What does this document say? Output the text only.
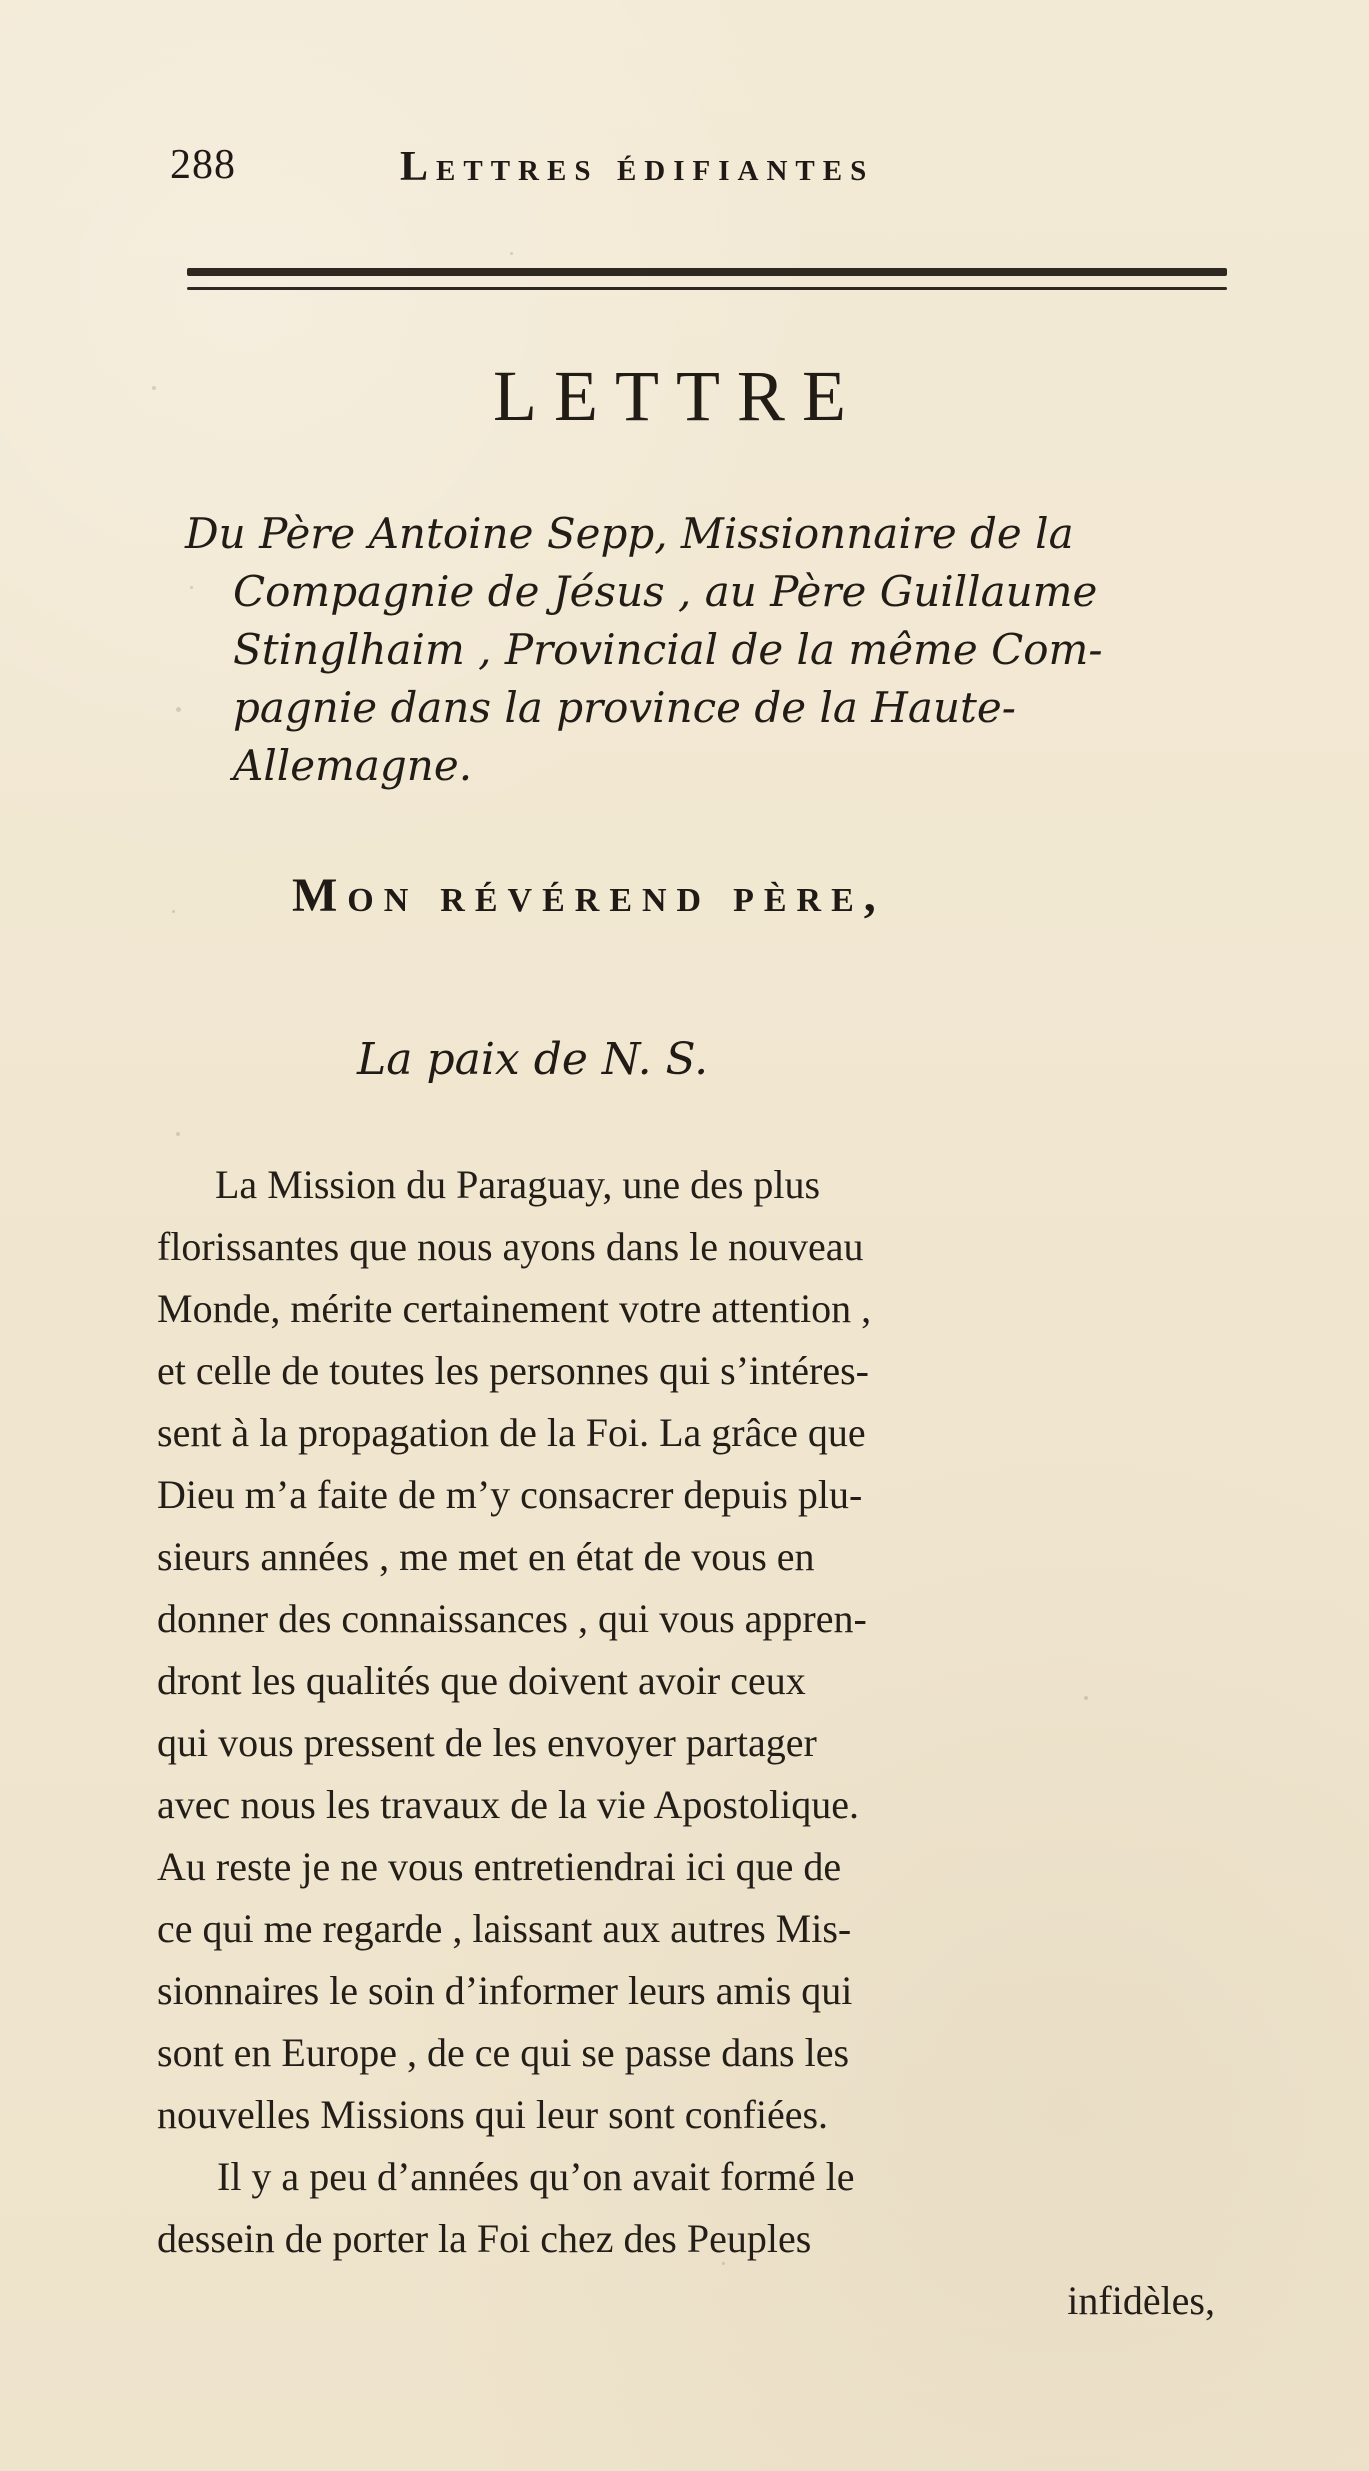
288	Lettres édifiantes
LETTRE
Du Père Antoine Sepp, Missionnaire de la
Compagnie de Jésus , au Père Guillaume
Stinglhaim , Provincial de la même Com-
pagnie dans la province de la Haute-
Allemagne.
Mon révérend père,
La paix de N. S.
La Mission du Paraguay, une des plus
florissantes que nous ayons dans le nouveau
Monde, mérite certainement votre attention ,
et celle de toutes les personnes qui s’intéres-
sent à la propagation de la Foi. La grâce que
Dieu m’a faite de m’y consacrer depuis plu-
sieurs années , me met en état de vous en
donner des connaissances , qui vous appren-
dront les qualités que doivent avoir ceux
qui vous pressent de les envoyer partager
avec nous les travaux de la vie Apostolique.
Au reste je ne vous entretiendrai ici que de
ce qui me regarde , laissant aux autres Mis-
sionnaires le soin d’informer leurs amis qui
sont en Europe , de ce qui se passe dans les
nouvelles Missions qui leur sont confiées.
Il y a peu d’années qu’on avait formé le
dessein de porter la Foi chez des Peuples
infidèles,
